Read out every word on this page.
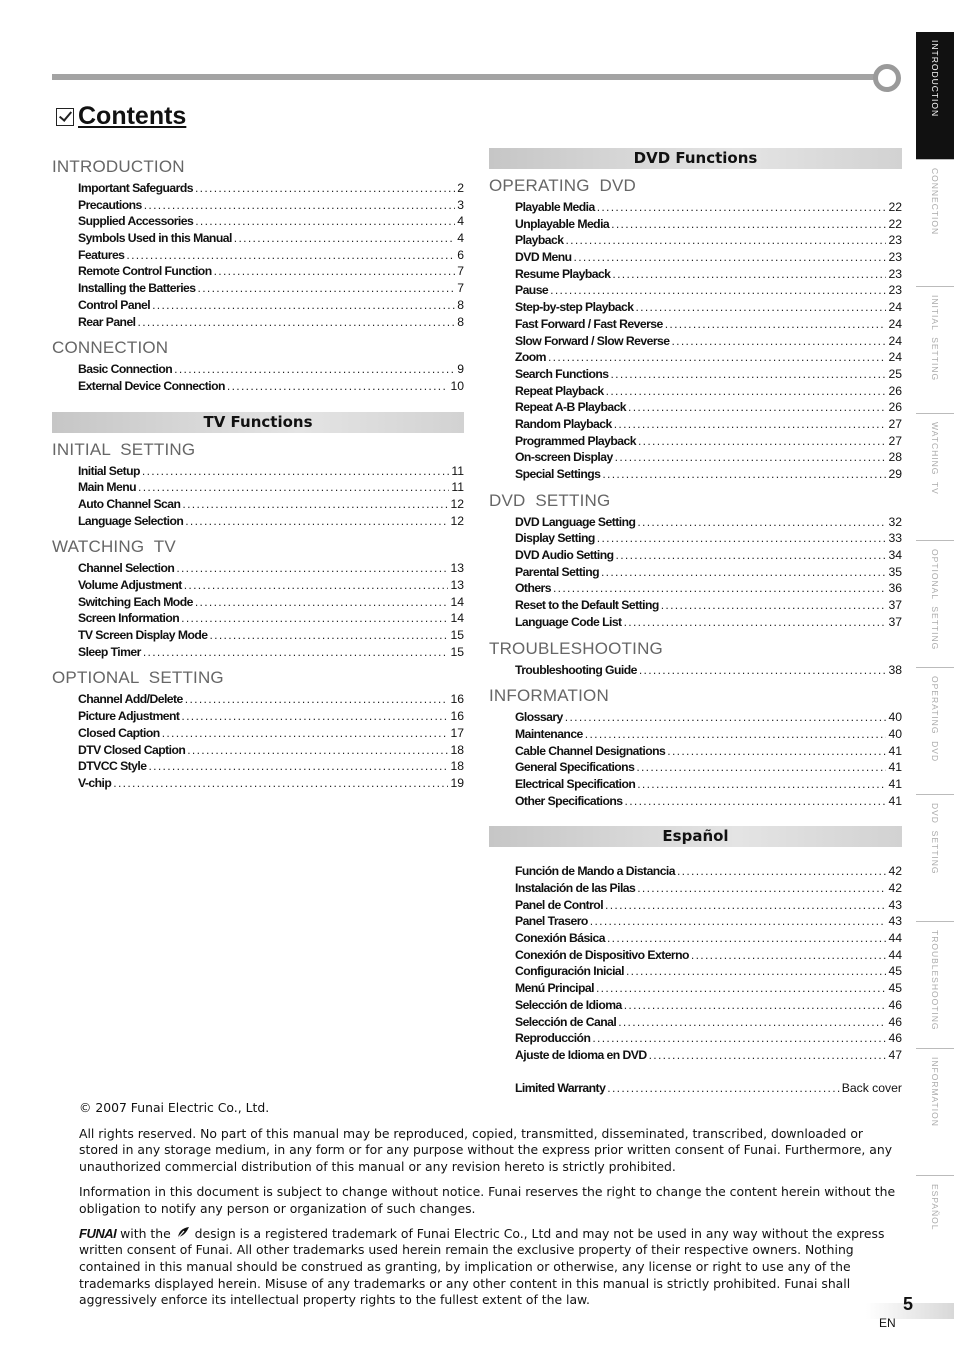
Contents
INTRODUCTION
Important Safeguards .....	2
Precautions .....	3
Supplied Accessories .....	4
Symbols Used in this Manual .....	4
Features .....	6
Remote Control Function .....	7
Installing the Batteries .....	7
Control Panel .....	8
Rear Panel .....	8
CONNECTION
Basic Connection .....	9
External Device Connection .....	10
TV Functions
INITIAL  SETTING
Initial Setup .....	11
Main Menu .....	11
Auto Channel Scan .....	12
Language Selection .....	12
WATCHING  TV
Channel Selection .....	13
Volume Adjustment .....	13
Switching Each Mode .....	14
Screen Information .....	14
TV Screen Display Mode .....	15
Sleep Timer .....	15
OPTIONAL  SETTING
Channel Add/Delete .....	16
Picture Adjustment .....	16
Closed Caption .....	17
DTV Closed Caption .....	18
DTVCC Style .....	18
V-chip .....	19
DVD Functions
OPERATING  DVD
Playable Media .....	22
Unplayable Media .....	22
Playback .....	23
DVD Menu .....	23
Resume Playback .....	23
Pause .....	23
Step-by-step Playback .....	24
Fast Forward / Fast Reverse .....	24
Slow Forward / Slow Reverse .....	24
Zoom .....	24
Search Functions .....	25
Repeat Playback .....	26
Repeat A-B Playback .....	26
Random Playback .....	27
Programmed Playback .....	27
On-screen Display .....	28
Special Settings .....	29
DVD  SETTING
DVD Language Setting .....	32
Display Setting .....	33
DVD Audio Setting .....	34
Parental Setting .....	35
Others .....	36
Reset to the Default Setting .....	37
Language Code List .....	37
TROUBLESHOOTING
Troubleshooting Guide .....	38
INFORMATION
Glossary .....	40
Maintenance .....	40
Cable Channel Designations .....	41
General Specifications .....	41
Electrical Specification .....	41
Other Specifications .....	41
Español
Función de Mando a Distancia .....	42
Instalación de las Pilas .....	42
Panel de Control .....	43
Panel Trasero .....	43
Conexión Básica .....	44
Conexión de Dispositivo Externo .....	44
Configuración Inicial .....	45
Menú Principal .....	45
Selección de Idioma .....	46
Selección de Canal .....	46
Reproducción .....	46
Ajuste de Idioma en DVD .....	47
Limited Warranty .....	Back cover
INTRODUCTION
CONNECTION
INITIAL  SETTING
WATCHING  TV
OPTIONAL  SETTING
OPERATING  DVD
DVD  SETTING
TROUBLESHOOTING
INFORMATION
ESPAÑOL

© 2007 Funai Electric Co., Ltd.

All rights reserved. No part of this manual may be reproduced, copied, transmitted, disseminated, transcribed, downloaded or stored in any storage medium, in any form or for any purpose without the express prior written consent of Funai. Furthermore, any unauthorized commercial distribution of this manual or any revision hereto is strictly prohibited.

Information in this document is subject to change without notice. Funai reserves the right to change the content herein without the obligation to notify any person or organization of such changes.

FUNAI with the  design is a registered trademark of Funai Electric Co., Ltd and may not be used in any way without the express written consent of Funai. All other trademarks used herein remain the exclusive property of their respective owners. Nothing contained in this manual should be construed as granting, by implication or otherwise, any license or right to use any of the trademarks displayed herein. Misuse of any trademarks or any other content in this manual is strictly prohibited. Funai shall aggressively enforce its intellectual property rights to the fullest extent of the law.	5
EN
